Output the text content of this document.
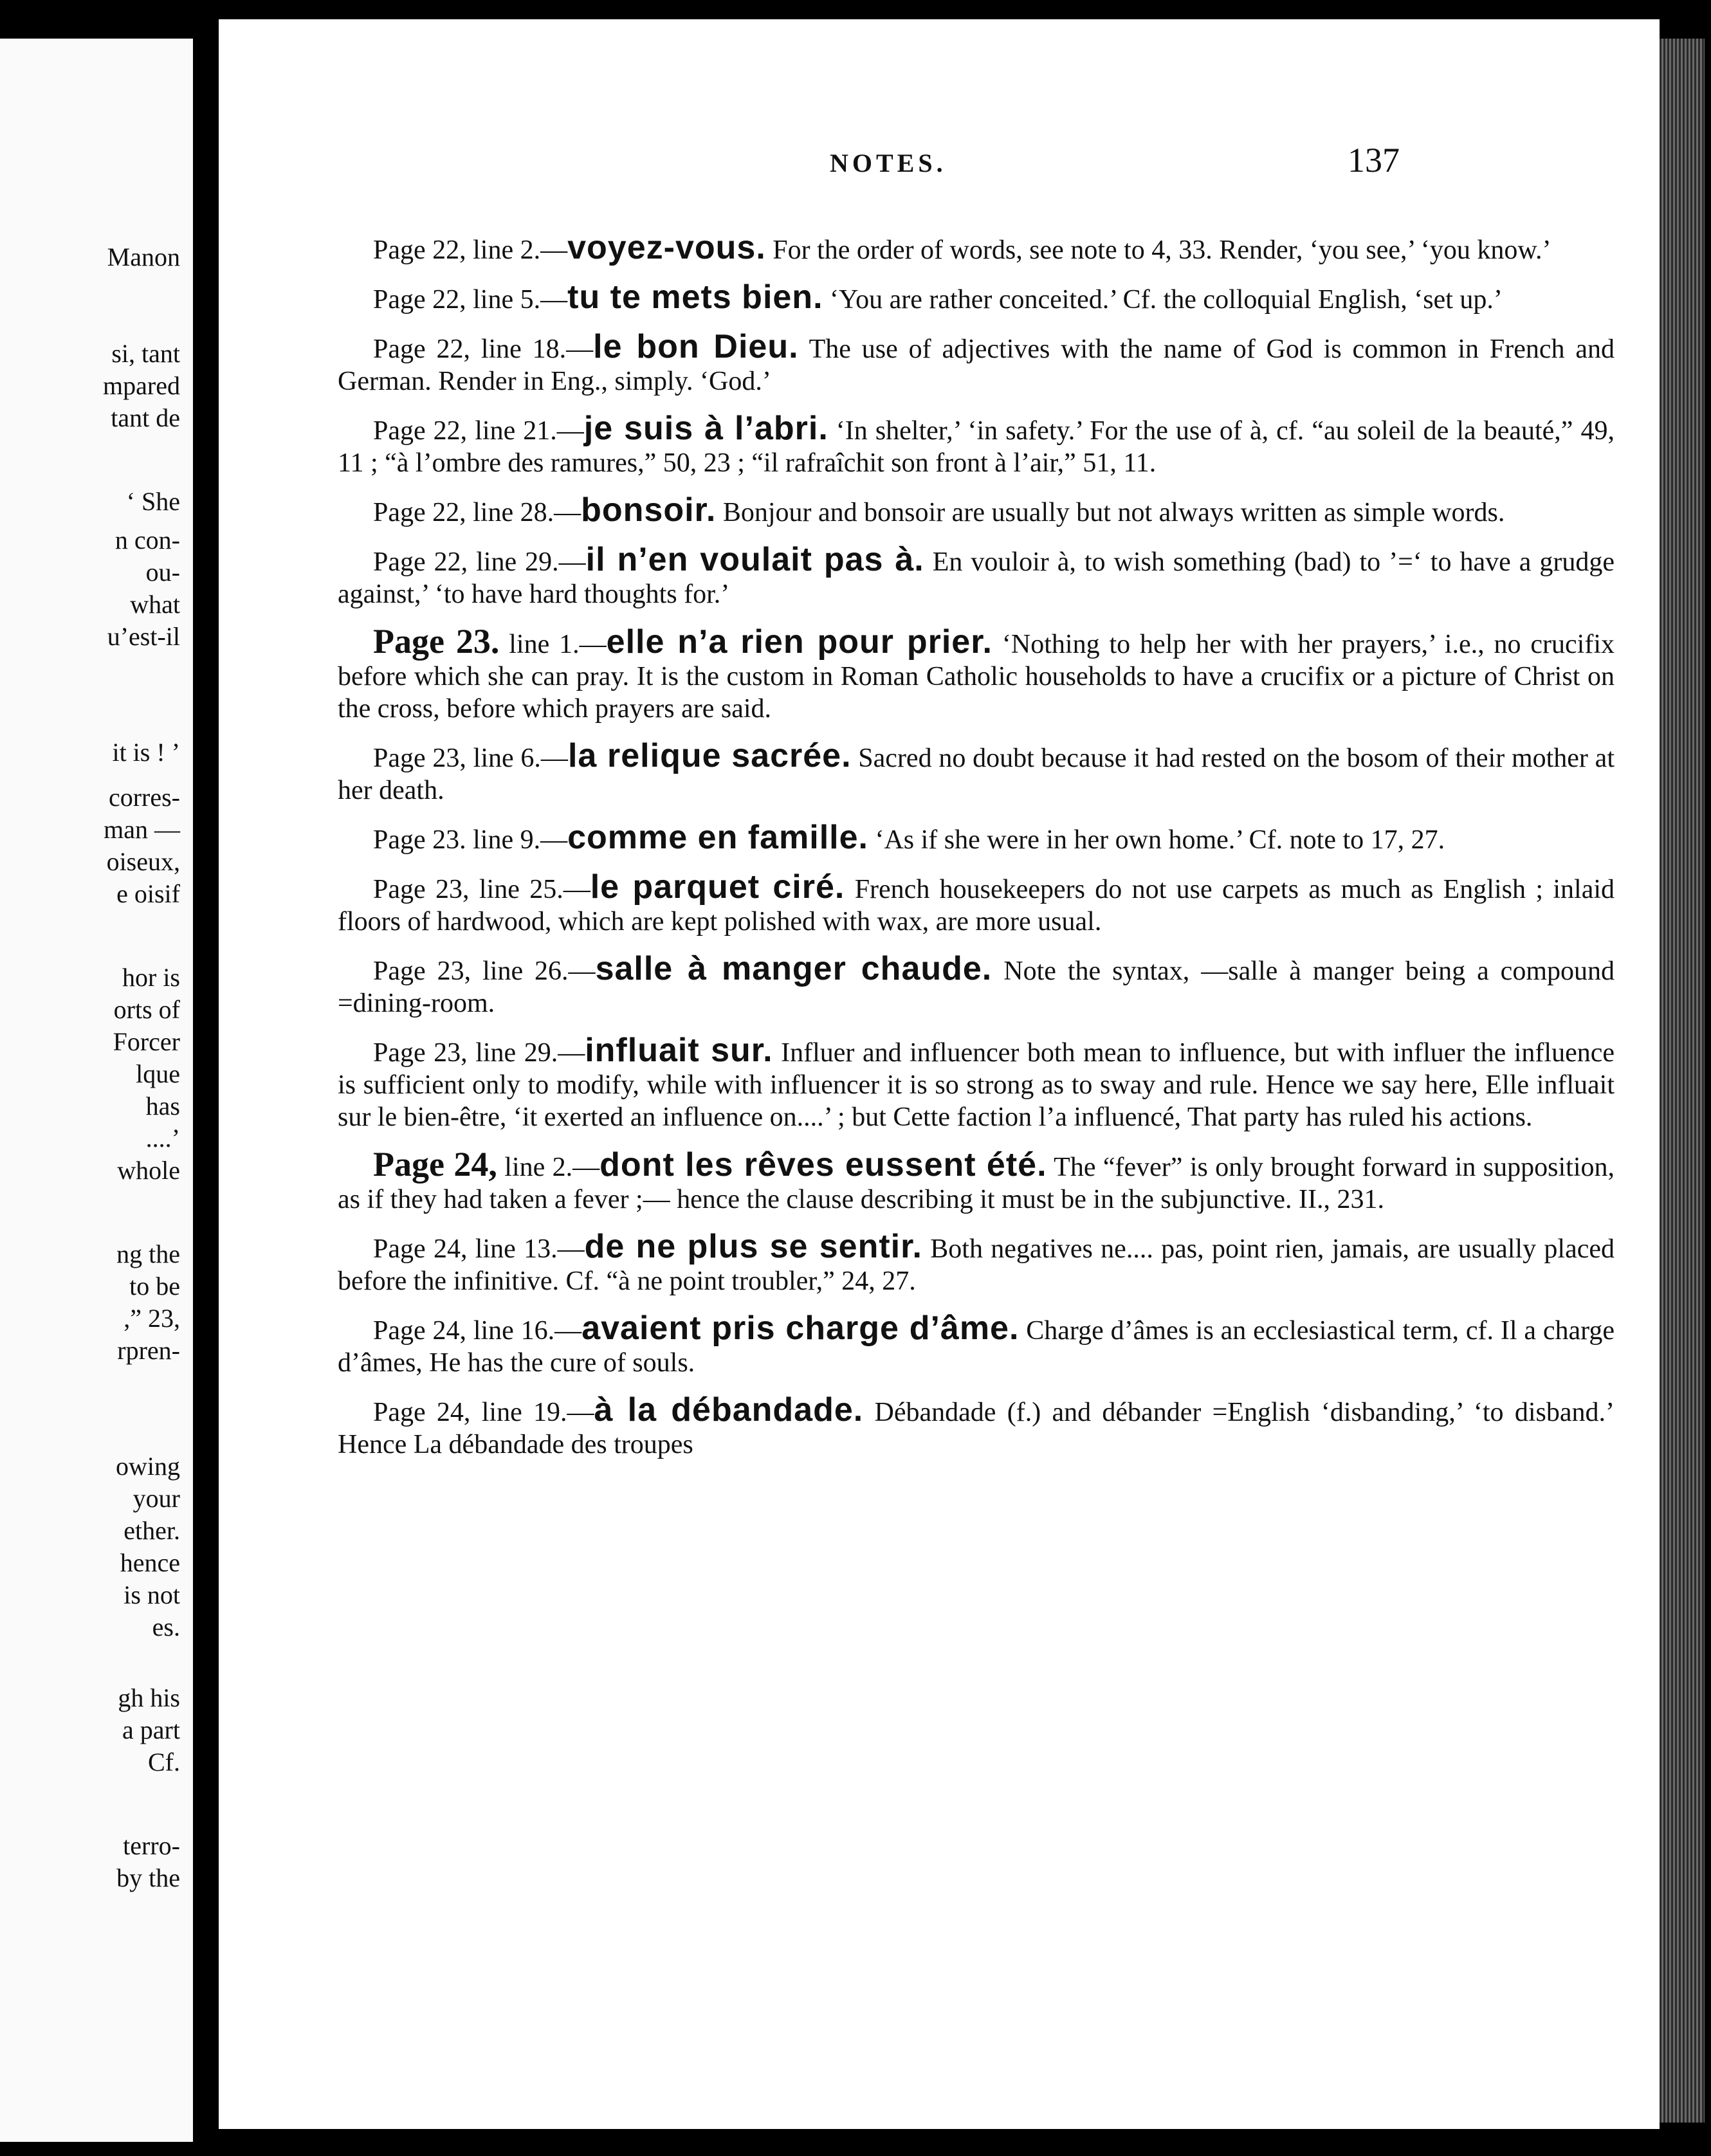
Manon
si, tant
mpared
tant de
‘ She
n con-
ou-
what
u’est-il
it is ! ’
corres-
man —
oiseux,
e oisif
hor is
orts of
Forcer
lque
has
....’
whole
ng the
to be
,” 23,
rpren-
owing
your
ether.
hence
is not
es.
gh his
a part
Cf.
terro-
by the
NOTES.	137

Page 22, line 2.—voyez-vous. For the order of words, see note to 4, 33. Render, ‘you see,’ ‘you know.’

Page 22, line 5.—tu te mets bien. ‘You are rather conceited.’ Cf. the colloquial English, ‘set up.’

Page 22, line 18.—le bon Dieu. The use of adjectives with the name of God is common in French and German. Render in Eng., simply. ‘God.’

Page 22, line 21.—je suis à l’abri. ‘In shelter,’ ‘in safety.’ For the use of à, cf. “au soleil de la beauté,” 49, 11 ; “à l’ombre des ramures,” 50, 23 ; “il rafraîchit son front à l’air,” 51, 11.

Page 22, line 28.—bonsoir. Bonjour and bonsoir are usually but not always written as simple words.

Page 22, line 29.—il n’en voulait pas à. En vouloir à, to wish something (bad) to ’=‘ to have a grudge against,’ ‘to have hard thoughts for.’

Page 23. line 1.—elle n’a rien pour prier. ‘Nothing to help her with her prayers,’ i.e., no crucifix before which she can pray. It is the custom in Roman Catholic households to have a crucifix or a picture of Christ on the cross, before which prayers are said.

Page 23, line 6.—la relique sacrée. Sacred no doubt because it had rested on the bosom of their mother at her death.

Page 23. line 9.—comme en famille. ‘As if she were in her own home.’ Cf. note to 17, 27.

Page 23, line 25.—le parquet ciré. French housekeepers do not use carpets as much as English ; inlaid floors of hardwood, which are kept polished with wax, are more usual.

Page 23, line 26.—salle à manger chaude. Note the syntax, —salle à manger being a compound =dining-room.

Page 23, line 29.—influait sur. Influer and influencer both mean to influence, but with influer the influence is sufficient only to modify, while with influencer it is so strong as to sway and rule. Hence we say here, Elle influait sur le bien-être, ‘it exerted an influence on....’ ; but Cette faction l’a influencé, That party has ruled his actions.

Page 24, line 2.—dont les rêves eussent été. The “fever” is only brought forward in supposition, as if they had taken a fever ;— hence the clause describing it must be in the subjunctive. II., 231.

Page 24, line 13.—de ne plus se sentir. Both negatives ne.... pas, point rien, jamais, are usually placed before the infinitive. Cf. “à ne point troubler,” 24, 27.

Page 24, line 16.—avaient pris charge d’âme. Charge d’âmes is an ecclesiastical term, cf. Il a charge d’âmes, He has the cure of souls.

Page 24, line 19.—à la débandade. Débandade (f.) and débander =English ‘disbanding,’ ‘to disband.’ Hence La débandade des troupes
